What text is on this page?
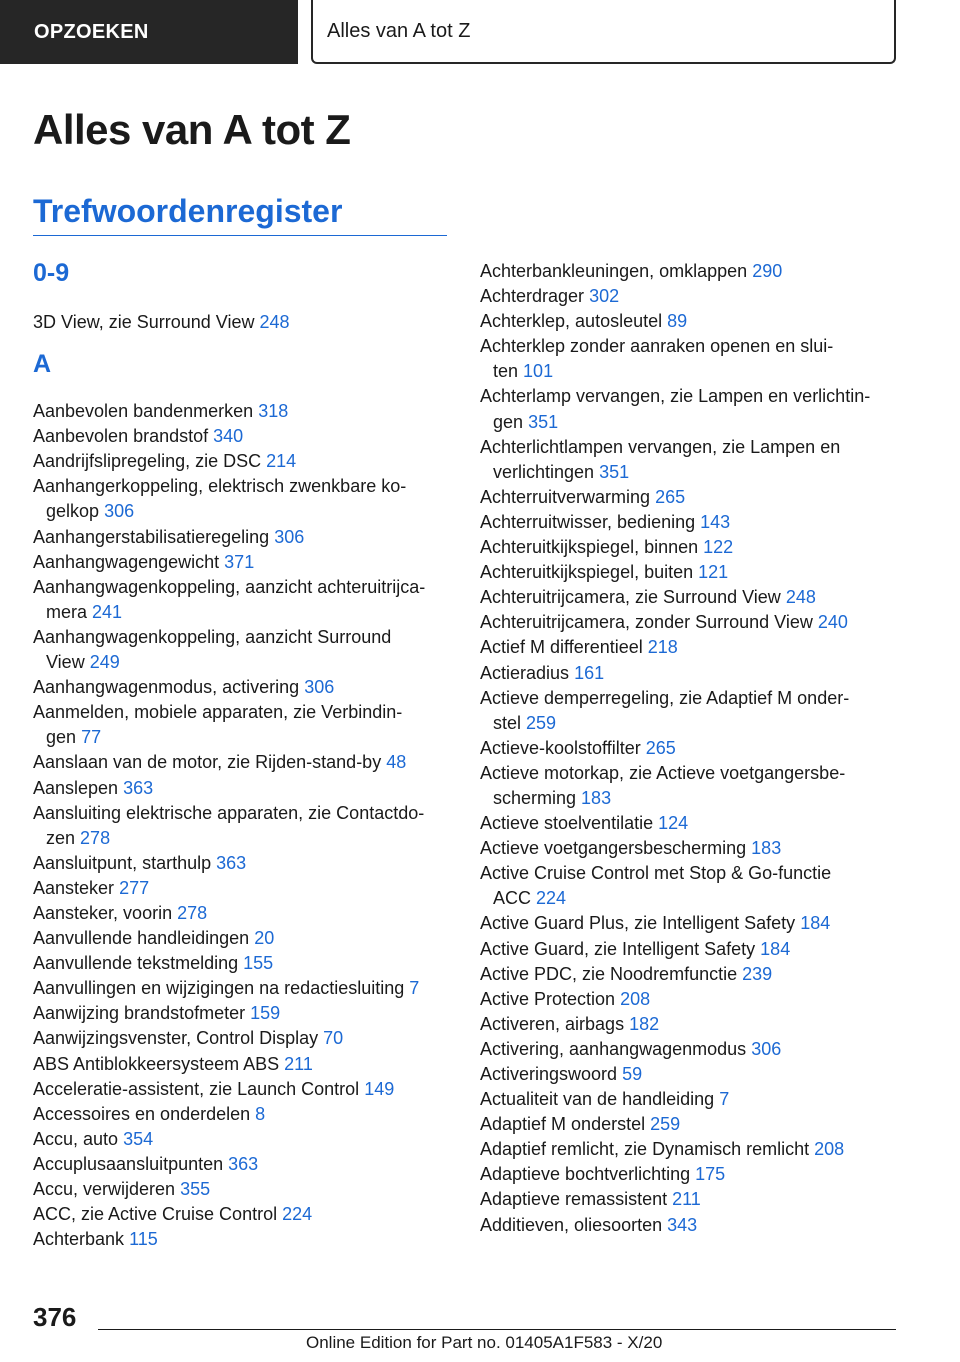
OPZOEKEN	Alles van A tot Z
Alles van A tot Z
Trefwoordenregister
0-9
3D View, zie Surround View 248
A
Aanbevolen bandenmerken 318
Aanbevolen brandstof 340
Aandrijfslipregeling, zie DSC 214
Aanhangerkoppeling, elektrisch zwenkbare ko-
gelkop 306
Aanhangerstabilisatieregeling 306
Aanhangwagengewicht 371
Aanhangwagenkoppeling, aanzicht achteruitrijca-
mera 241
Aanhangwagenkoppeling, aanzicht Surround
View 249
Aanhangwagenmodus, activering 306
Aanmelden, mobiele apparaten, zie Verbindin-
gen 77
Aanslaan van de motor, zie Rijden-stand-by 48
Aanslepen 363
Aansluiting elektrische apparaten, zie Contactdo-
zen 278
Aansluitpunt, starthulp 363
Aansteker 277
Aansteker, voorin 278
Aanvullende handleidingen 20
Aanvullende tekstmelding 155
Aanvullingen en wijzigingen na redactiesluiting 7
Aanwijzing brandstofmeter 159
Aanwijzingsvenster, Control Display 70
ABS Antiblokkeersysteem ABS 211
Acceleratie-assistent, zie Launch Control 149
Accessoires en onderdelen 8
Accu, auto 354
Accuplusaansluitpunten 363
Accu, verwijderen 355
ACC, zie Active Cruise Control 224
Achterbank 115
Achterbankleuningen, omklappen 290
Achterdrager 302
Achterklep, autosleutel 89
Achterklep zonder aanraken openen en slui-
ten 101
Achterlamp vervangen, zie Lampen en verlichtin-
gen 351
Achterlichtlampen vervangen, zie Lampen en
verlichtingen 351
Achterruitverwarming 265
Achterruitwisser, bediening 143
Achteruitkijkspiegel, binnen 122
Achteruitkijkspiegel, buiten 121
Achteruitrijcamera, zie Surround View 248
Achteruitrijcamera, zonder Surround View 240
Actief M differentieel 218
Actieradius 161
Actieve demperregeling, zie Adaptief M onder-
stel 259
Actieve-koolstoffilter 265
Actieve motorkap, zie Actieve voetgangersbe-
scherming 183
Actieve stoelventilatie 124
Actieve voetgangersbescherming 183
Active Cruise Control met Stop & Go-functie
ACC 224
Active Guard Plus, zie Intelligent Safety 184
Active Guard, zie Intelligent Safety 184
Active PDC, zie Noodremfunctie 239
Active Protection 208
Activeren, airbags 182
Activering, aanhangwagenmodus 306
Activeringswoord 59
Actualiteit van de handleiding 7
Adaptief M onderstel 259
Adaptief remlicht, zie Dynamisch remlicht 208
Adaptieve bochtverlichting 175
Adaptieve remassistent 211
Additieven, oliesoorten 343
376
Online Edition for Part no. 01405A1F583 - X/20
